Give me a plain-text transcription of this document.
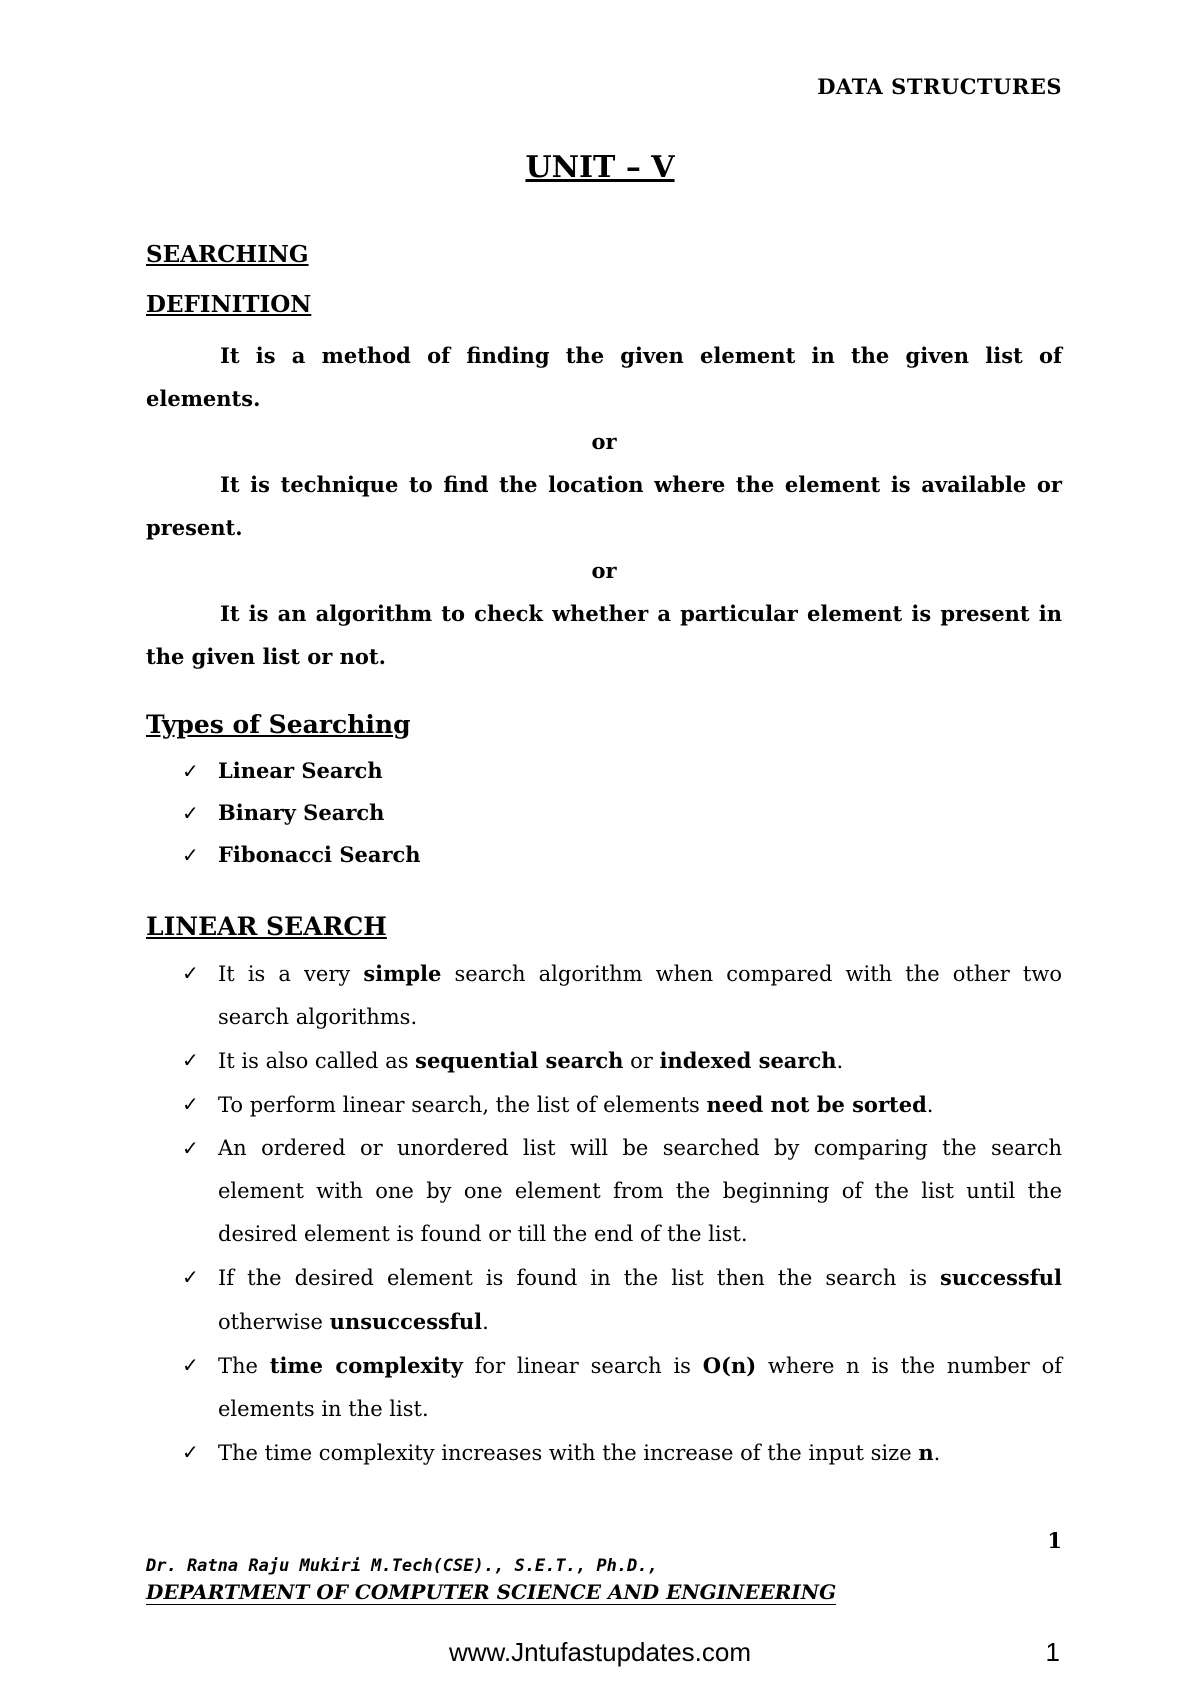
DATA STRUCTURES
UNIT – V

SEARCHING

DEFINITION

It is a method of finding the given element in the given list of elements.

or

It is technique to find the location where the element is available or present.

or

It is an algorithm to check whether a particular element is present in the given list or not.

Types of Searching

✓ Linear Search
✓ Binary Search
✓ Fibonacci Search

LINEAR SEARCH

✓ It is a very simple search algorithm when compared with the other two search algorithms.
✓ It is also called as sequential search or indexed search.
✓ To perform linear search, the list of elements need not be sorted.
✓ An ordered or unordered list will be searched by comparing the search element with one by one element from the beginning of the list until the desired element is found or till the end of the list.
✓ If the desired element is found in the list then the search is successful otherwise unsuccessful.
✓ The time complexity for linear search is O(n) where n is the number of elements in the list.
✓ The time complexity increases with the increase of the input size n.
1
Dr. Ratna Raju Mukiri M.Tech(CSE)., S.E.T., Ph.D.,
DEPARTMENT OF COMPUTER SCIENCE AND ENGINEERING
www.Jntufastupdates.com	1
